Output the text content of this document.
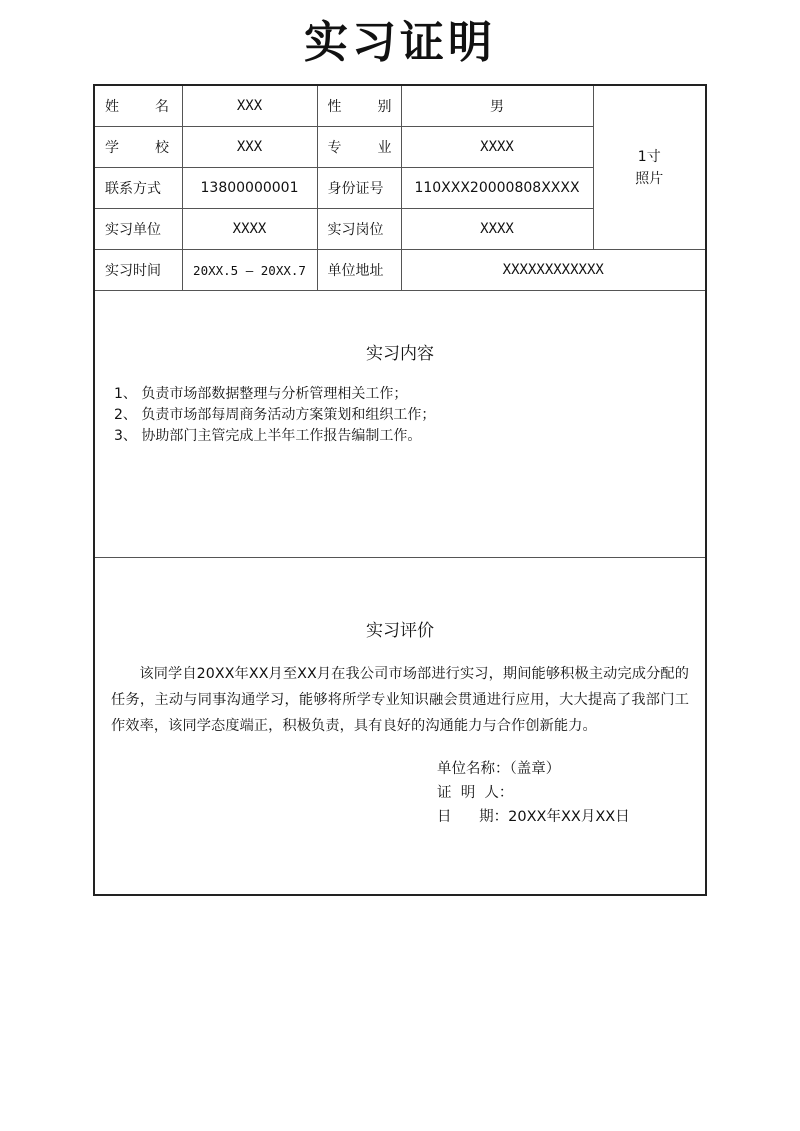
实习证明
姓 名	XXX	性 别	男	1寸
照片

学 校	XXX	专 业	XXXX	
联系方式	13800000001	身份证号	110XXX20000808XXXX	
实习单位	XXXX	实习岗位	XXXX	
实习时间	20XX.5 – 20XX.7	单位地址	XXXXXXXXXXXX	
实习内容
1、 负责市场部数据整理与分析管理相关工作；
2、 负责市场部每周商务活动方案策划和组织工作；
3、 协助部门主管完成上半年工作报告编制工作。
实习评价

该同学自20XX年XX月至XX月在我公司市场部进行实习，期间能够积极主动完成分配的任务，主动与同事沟通学习，能够将所学专业知识融会贯通进行应用，大大提高了我部门工作效率，该同学态度端正，积极负责，具有良好的沟通能力与合作创新能力。

单位名称：（盖章）
证  明  人：
日      期：20XX年XX月XX日
